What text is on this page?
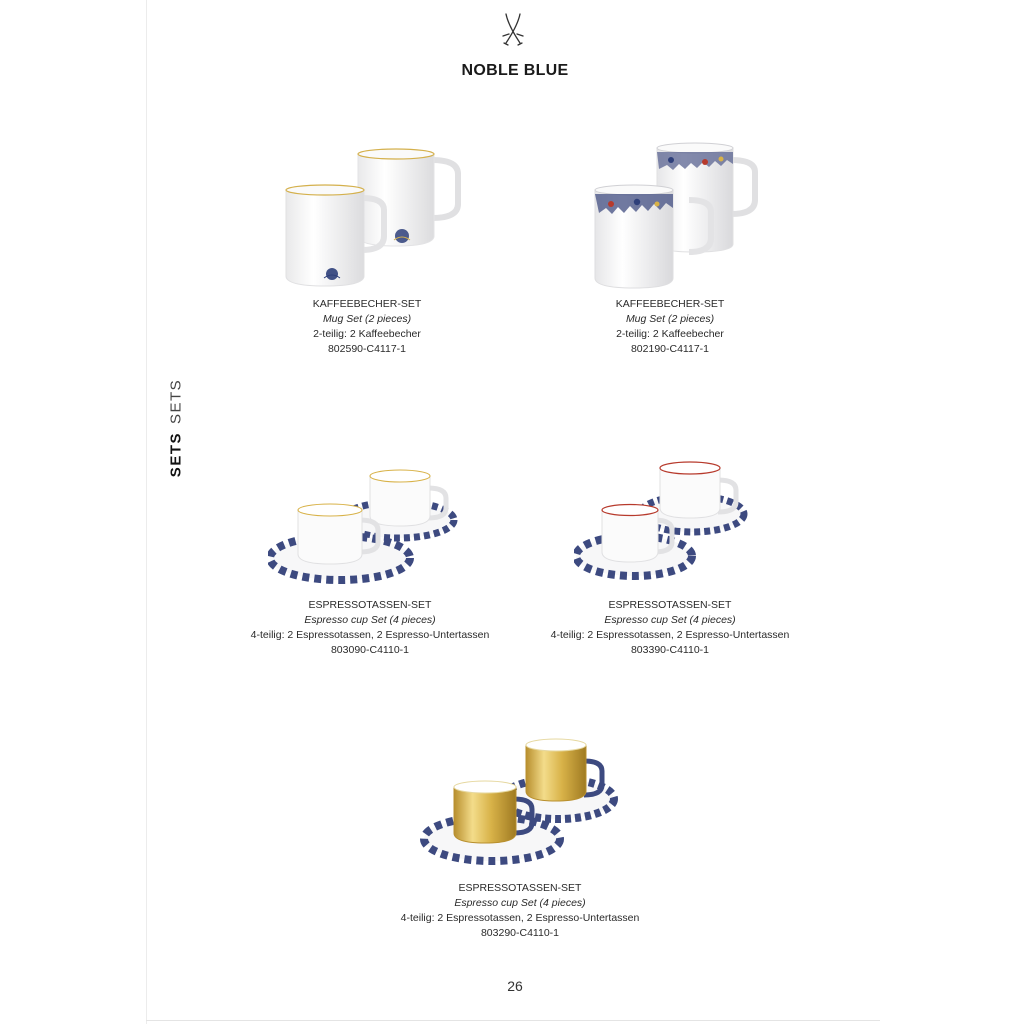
NOBLE BLUE
SETSSETS
KAFFEEBECHER-SET
Mug Set (2 pieces)
2-teilig: 2 Kaffeebecher
802590-C4117-1
KAFFEEBECHER-SET
Mug Set (2 pieces)
2-teilig: 2 Kaffeebecher
802190-C4117-1
ESPRESSOTASSEN-SET
Espresso cup Set (4 pieces)
4-teilig: 2 Espressotassen, 2 Espresso-Untertassen
803090-C4110-1
ESPRESSOTASSEN-SET
Espresso cup Set (4 pieces)
4-teilig: 2 Espressotassen, 2 Espresso-Untertassen
803390-C4110-1
ESPRESSOTASSEN-SET
Espresso cup Set (4 pieces)
4-teilig: 2 Espressotassen, 2 Espresso-Untertassen
803290-C4110-1
26
